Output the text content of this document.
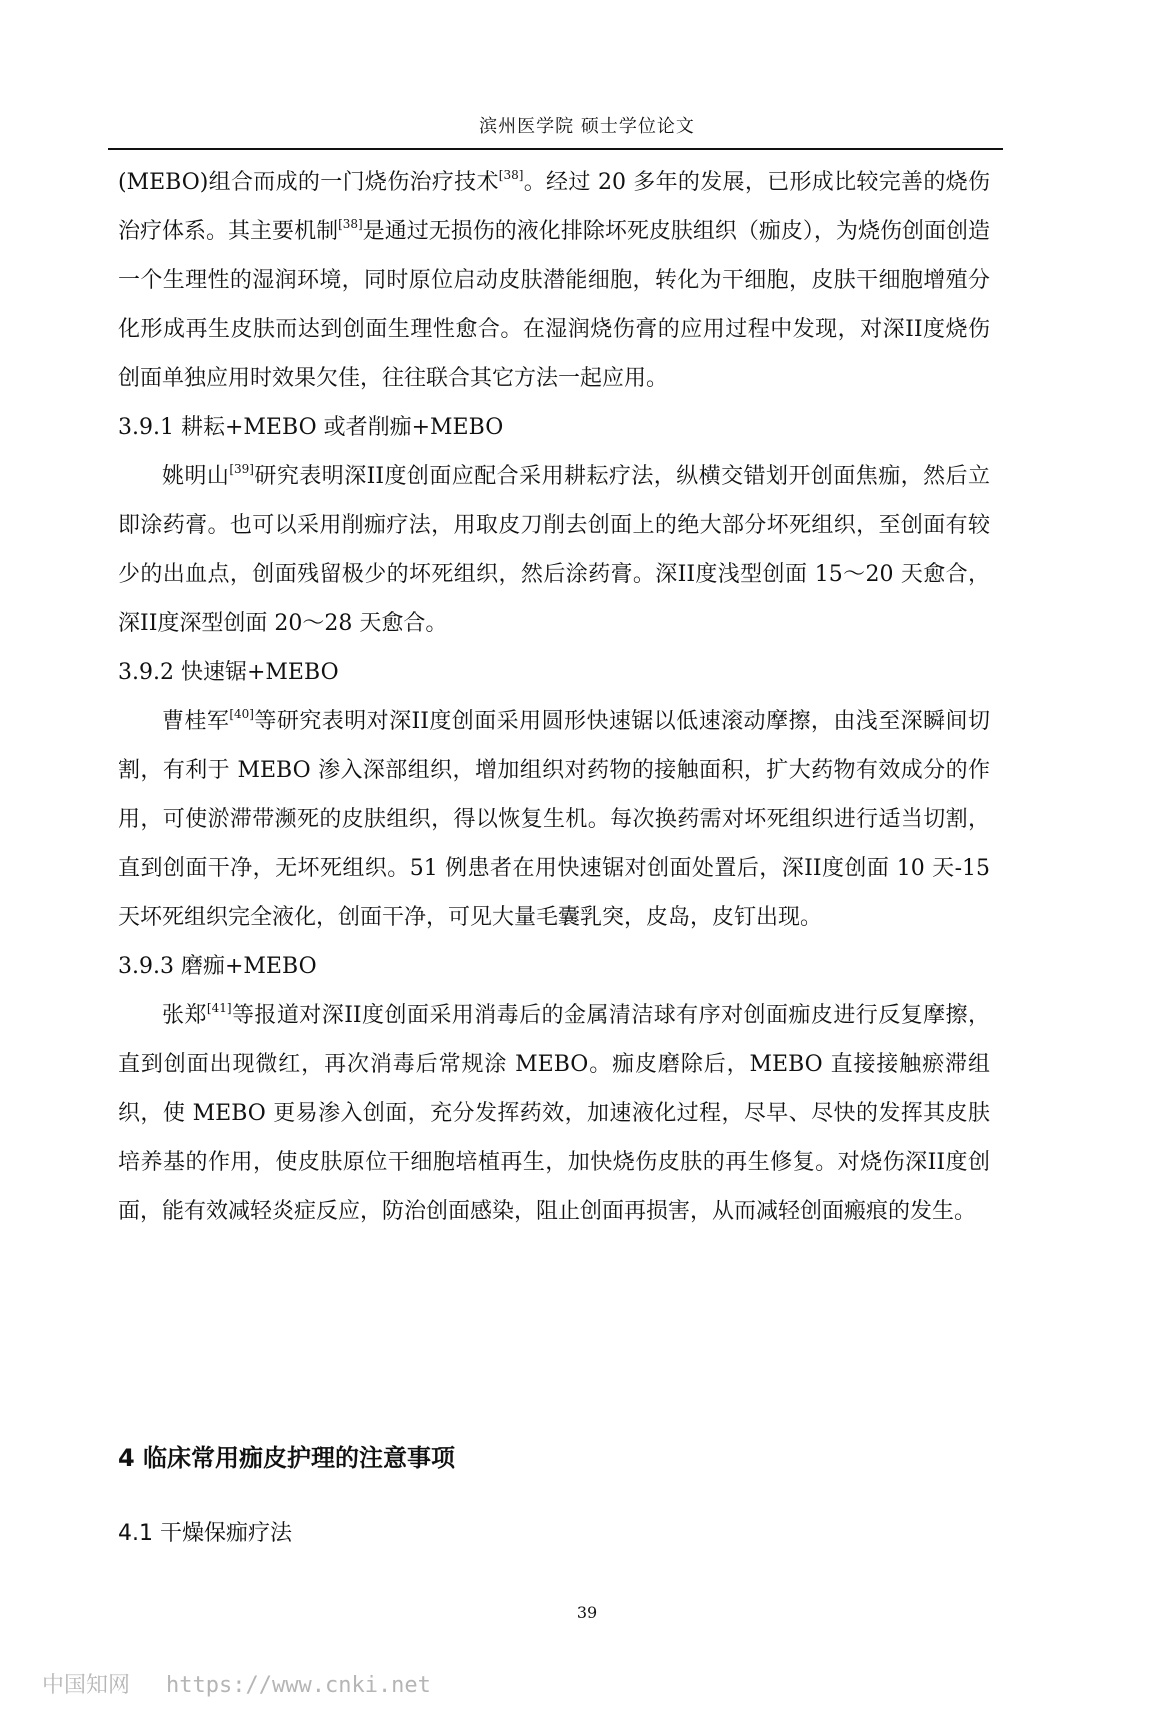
滨州医学院 硕士学位论文

(MEBO)组合而成的一门烧伤治疗技术[38]。经过 20 多年的发展，已形成比较完善的烧伤治疗体系。其主要机制[38]是通过无损伤的液化排除坏死皮肤组织（痂皮），为烧伤创面创造一个生理性的湿润环境，同时原位启动皮肤潜能细胞，转化为干细胞，皮肤干细胞增殖分化形成再生皮肤而达到创面生理性愈合。在湿润烧伤膏的应用过程中发现，对深II度烧伤创面单独应用时效果欠佳，往往联合其它方法一起应用。

3.9.1 耕耘+MEBO 或者削痂+MEBO

姚明山[39]研究表明深II度创面应配合采用耕耘疗法，纵横交错划开创面焦痂，然后立即涂药膏。也可以采用削痂疗法，用取皮刀削去创面上的绝大部分坏死组织，至创面有较少的出血点，创面残留极少的坏死组织，然后涂药膏。深II度浅型创面 15～20 天愈合，深II度深型创面 20～28 天愈合。

3.9.2 快速锯+MEBO

曹桂军[40]等研究表明对深II度创面采用圆形快速锯以低速滚动摩擦，由浅至深瞬间切割，有利于 MEBO 渗入深部组织，增加组织对药物的接触面积，扩大药物有效成分的作用，可使淤滞带濒死的皮肤组织，得以恢复生机。每次换药需对坏死组织进行适当切割，直到创面干净，无坏死组织。51 例患者在用快速锯对创面处置后，深II度创面 10 天-15 天坏死组织完全液化，创面干净，可见大量毛囊乳突，皮岛，皮钉出现。

3.9.3 磨痂+MEBO

张郑[41]等报道对深II度创面采用消毒后的金属清洁球有序对创面痂皮进行反复摩擦，直到创面出现微红，再次消毒后常规涂 MEBO。痂皮磨除后，MEBO 直接接触瘀滞组织，使 MEBO 更易渗入创面，充分发挥药效，加速液化过程，尽早、尽快的发挥其皮肤培养基的作用，使皮肤原位干细胞培植再生，加快烧伤皮肤的再生修复。对烧伤深II度创面，能有效减轻炎症反应，防治创面感染，阻止创面再损害，从而减轻创面瘢痕的发生。

4 临床常用痂皮护理的注意事项
4.1 干燥保痂疗法
39
中国知网 https://www.cnki.net
